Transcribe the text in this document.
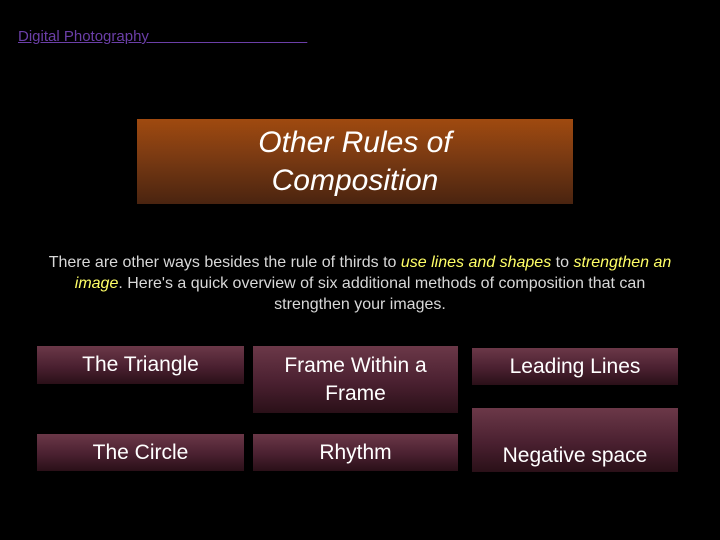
Digital Photography
Other Rules of
Composition
There are other ways besides the rule of thirds to use lines and shapes to strengthen an image. Here's a quick overview of six additional methods of composition that can strengthen your images.
The Triangle	Frame Within a Frame
Leading Lines
The Circle	Rhythm	Negative space
